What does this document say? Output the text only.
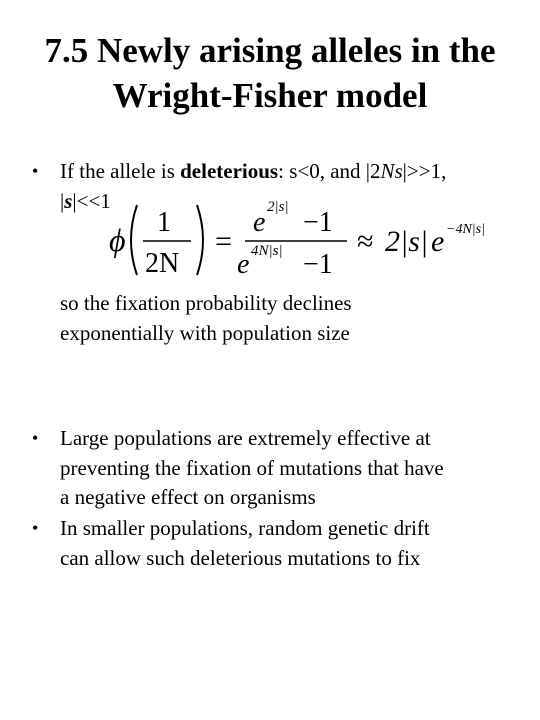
7.5 Newly arising alleles in the
Wright-Fisher model
• If the allele is deleterious: s<0, and |2Ns|>>1,
|s|<<1
ϕ 1
2N
=
e 2|s| −1
e 4N|s| −1
≈ 2|s| e −4N|s|
so the fixation probability declines
exponentially with population size
• Large populations are extremely effective at
preventing the fixation of mutations that have
a negative effect on organisms
• In smaller populations, random genetic drift
can allow such deleterious mutations to fix
